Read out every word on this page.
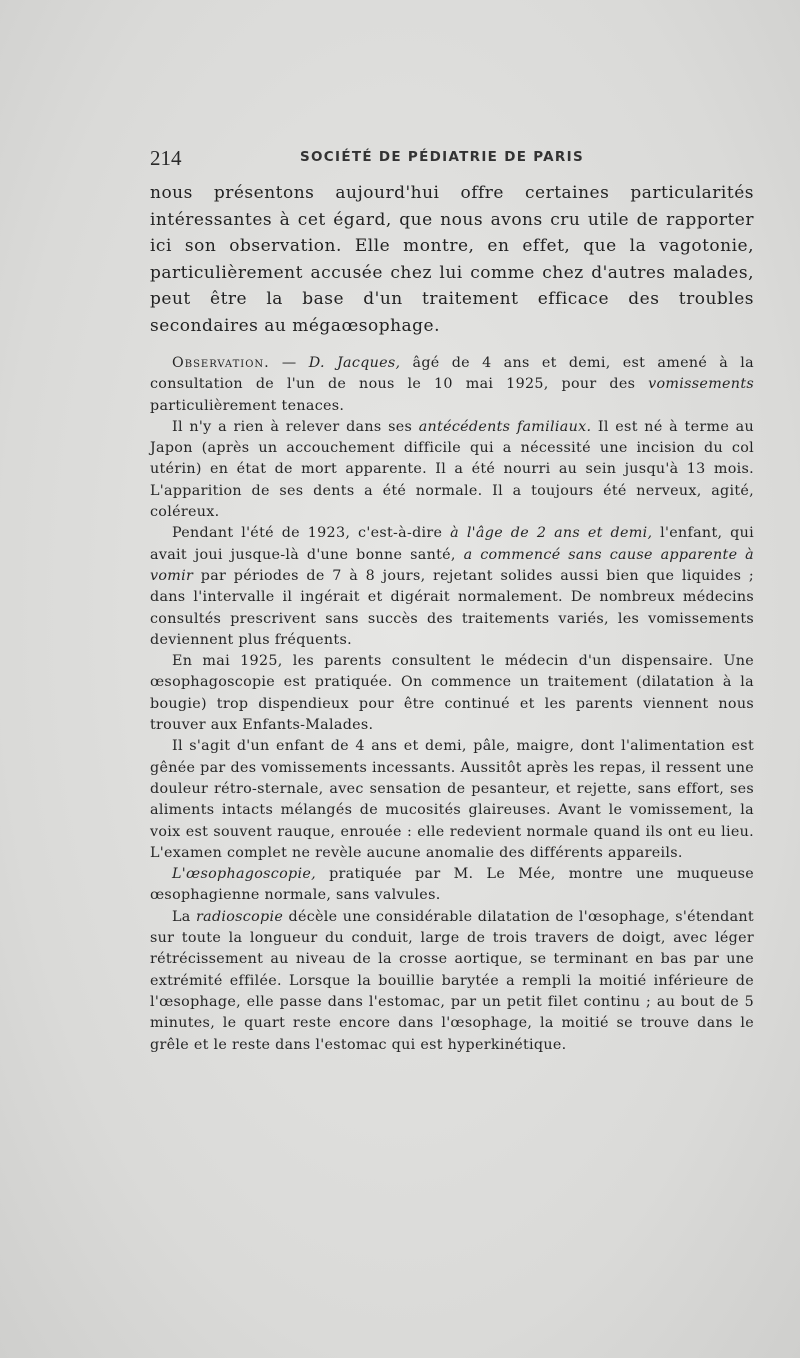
214	SOCIÉTÉ DE PÉDIATRIE DE PARIS

nous présentons aujourd'hui offre certaines particularités intéressantes à cet égard, que nous avons cru utile de rapporter ici son observation. Elle montre, en effet, que la vagotonie, particulièrement accusée chez lui comme chez d'autres malades, peut être la base d'un traitement efficace des troubles secondaires au mégaœsophage.

Observation. — D. Jacques, âgé de 4 ans et demi, est amené à la consultation de l'un de nous le 10 mai 1925, pour des vomissements particulièrement tenaces.

Il n'y a rien à relever dans ses antécédents familiaux. Il est né à terme au Japon (après un accouchement difficile qui a nécessité une incision du col utérin) en état de mort apparente. Il a été nourri au sein jusqu'à 13 mois. L'apparition de ses dents a été normale. Il a toujours été nerveux, agité, coléreux.

Pendant l'été de 1923, c'est-à-dire à l'âge de 2 ans et demi, l'enfant, qui avait joui jusque-là d'une bonne santé, a commencé sans cause apparente à vomir par périodes de 7 à 8 jours, rejetant solides aussi bien que liquides ; dans l'intervalle il ingérait et digérait normalement. De nombreux médecins consultés prescrivent sans succès des traitements variés, les vomissements deviennent plus fréquents.

En mai 1925, les parents consultent le médecin d'un dispensaire. Une œsophagoscopie est pratiquée. On commence un traitement (dilatation à la bougie) trop dispendieux pour être continué et les parents viennent nous trouver aux Enfants-Malades.

Il s'agit d'un enfant de 4 ans et demi, pâle, maigre, dont l'alimentation est gênée par des vomissements incessants. Aussitôt après les repas, il ressent une douleur rétro-sternale, avec sensation de pesanteur, et rejette, sans effort, ses aliments intacts mélangés de mucosités glaireuses. Avant le vomissement, la voix est souvent rauque, enrouée : elle redevient normale quand ils ont eu lieu. L'examen complet ne revèle aucune anomalie des différents appareils.

L'œsophagoscopie, pratiquée par M. Le Mée, montre une muqueuse œsophagienne normale, sans valvules.

La radioscopie décèle une considérable dilatation de l'œsophage, s'étendant sur toute la longueur du conduit, large de trois travers de doigt, avec léger rétrécissement au niveau de la crosse aortique, se terminant en bas par une extrémité effilée. Lorsque la bouillie barytée a rempli la moitié inférieure de l'œsophage, elle passe dans l'estomac, par un petit filet continu ; au bout de 5 minutes, le quart reste encore dans l'œsophage, la moitié se trouve dans le grêle et le reste dans l'estomac qui est hyperkinétique.
